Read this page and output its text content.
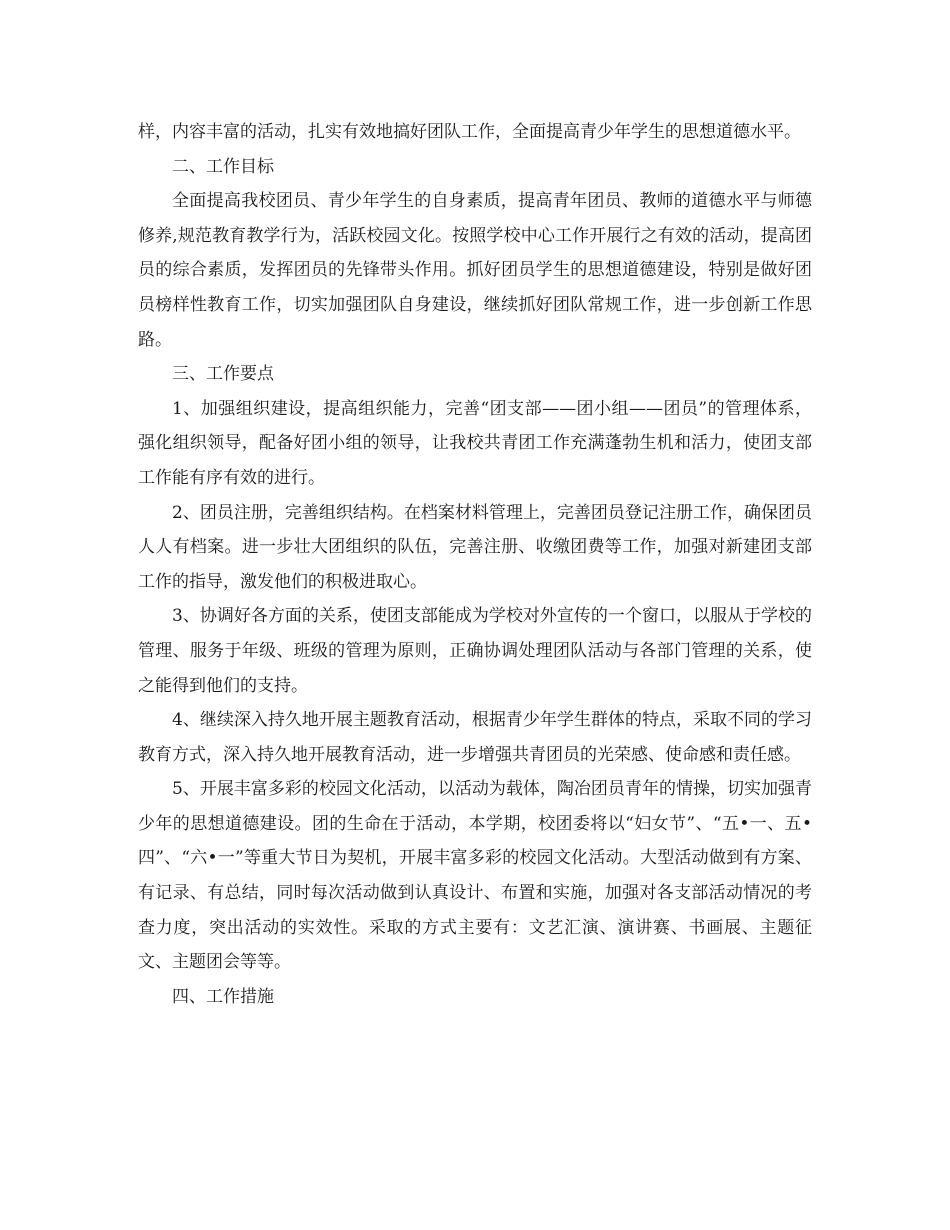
样，内容丰富的活动，扎实有效地搞好团队工作，全面提高青少年学生的思想道德水平。

二、工作目标

全面提高我校团员、青少年学生的自身素质，提高青年团员、教师的道德水平与师德修养,规范教育教学行为，活跃校园文化。按照学校中心工作开展行之有效的活动，提高团员的综合素质，发挥团员的先锋带头作用。抓好团员学生的思想道德建设，特别是做好团员榜样性教育工作，切实加强团队自身建设，继续抓好团队常规工作，进一步创新工作思路。

三、工作要点

1、加强组织建设，提高组织能力，完善“团支部——团小组——团员”的管理体系，强化组织领导，配备好团小组的领导，让我校共青团工作充满蓬勃生机和活力，使团支部工作能有序有效的进行。

2、团员注册，完善组织结构。在档案材料管理上，完善团员登记注册工作，确保团员人人有档案。进一步壮大团组织的队伍，完善注册、收缴团费等工作，加强对新建团支部工作的指导，激发他们的积极进取心。

3、协调好各方面的关系，使团支部能成为学校对外宣传的一个窗口，以服从于学校的管理、服务于年级、班级的管理为原则，正确协调处理团队活动与各部门管理的关系，使之能得到他们的支持。

4、继续深入持久地开展主题教育活动，根据青少年学生群体的特点，采取不同的学习教育方式，深入持久地开展教育活动，进一步增强共青团员的光荣感、使命感和责任感。

5、开展丰富多彩的校园文化活动，以活动为载体，陶冶团员青年的情操，切实加强青少年的思想道德建设。团的生命在于活动，本学期，校团委将以“妇女节”、“五•一、五•四”、“六•一”等重大节日为契机，开展丰富多彩的校园文化活动。大型活动做到有方案、有记录、有总结，同时每次活动做到认真设计、布置和实施，加强对各支部活动情况的考查力度，突出活动的实效性。采取的方式主要有：文艺汇演、演讲赛、书画展、主题征文、主题团会等等。

四、工作措施
